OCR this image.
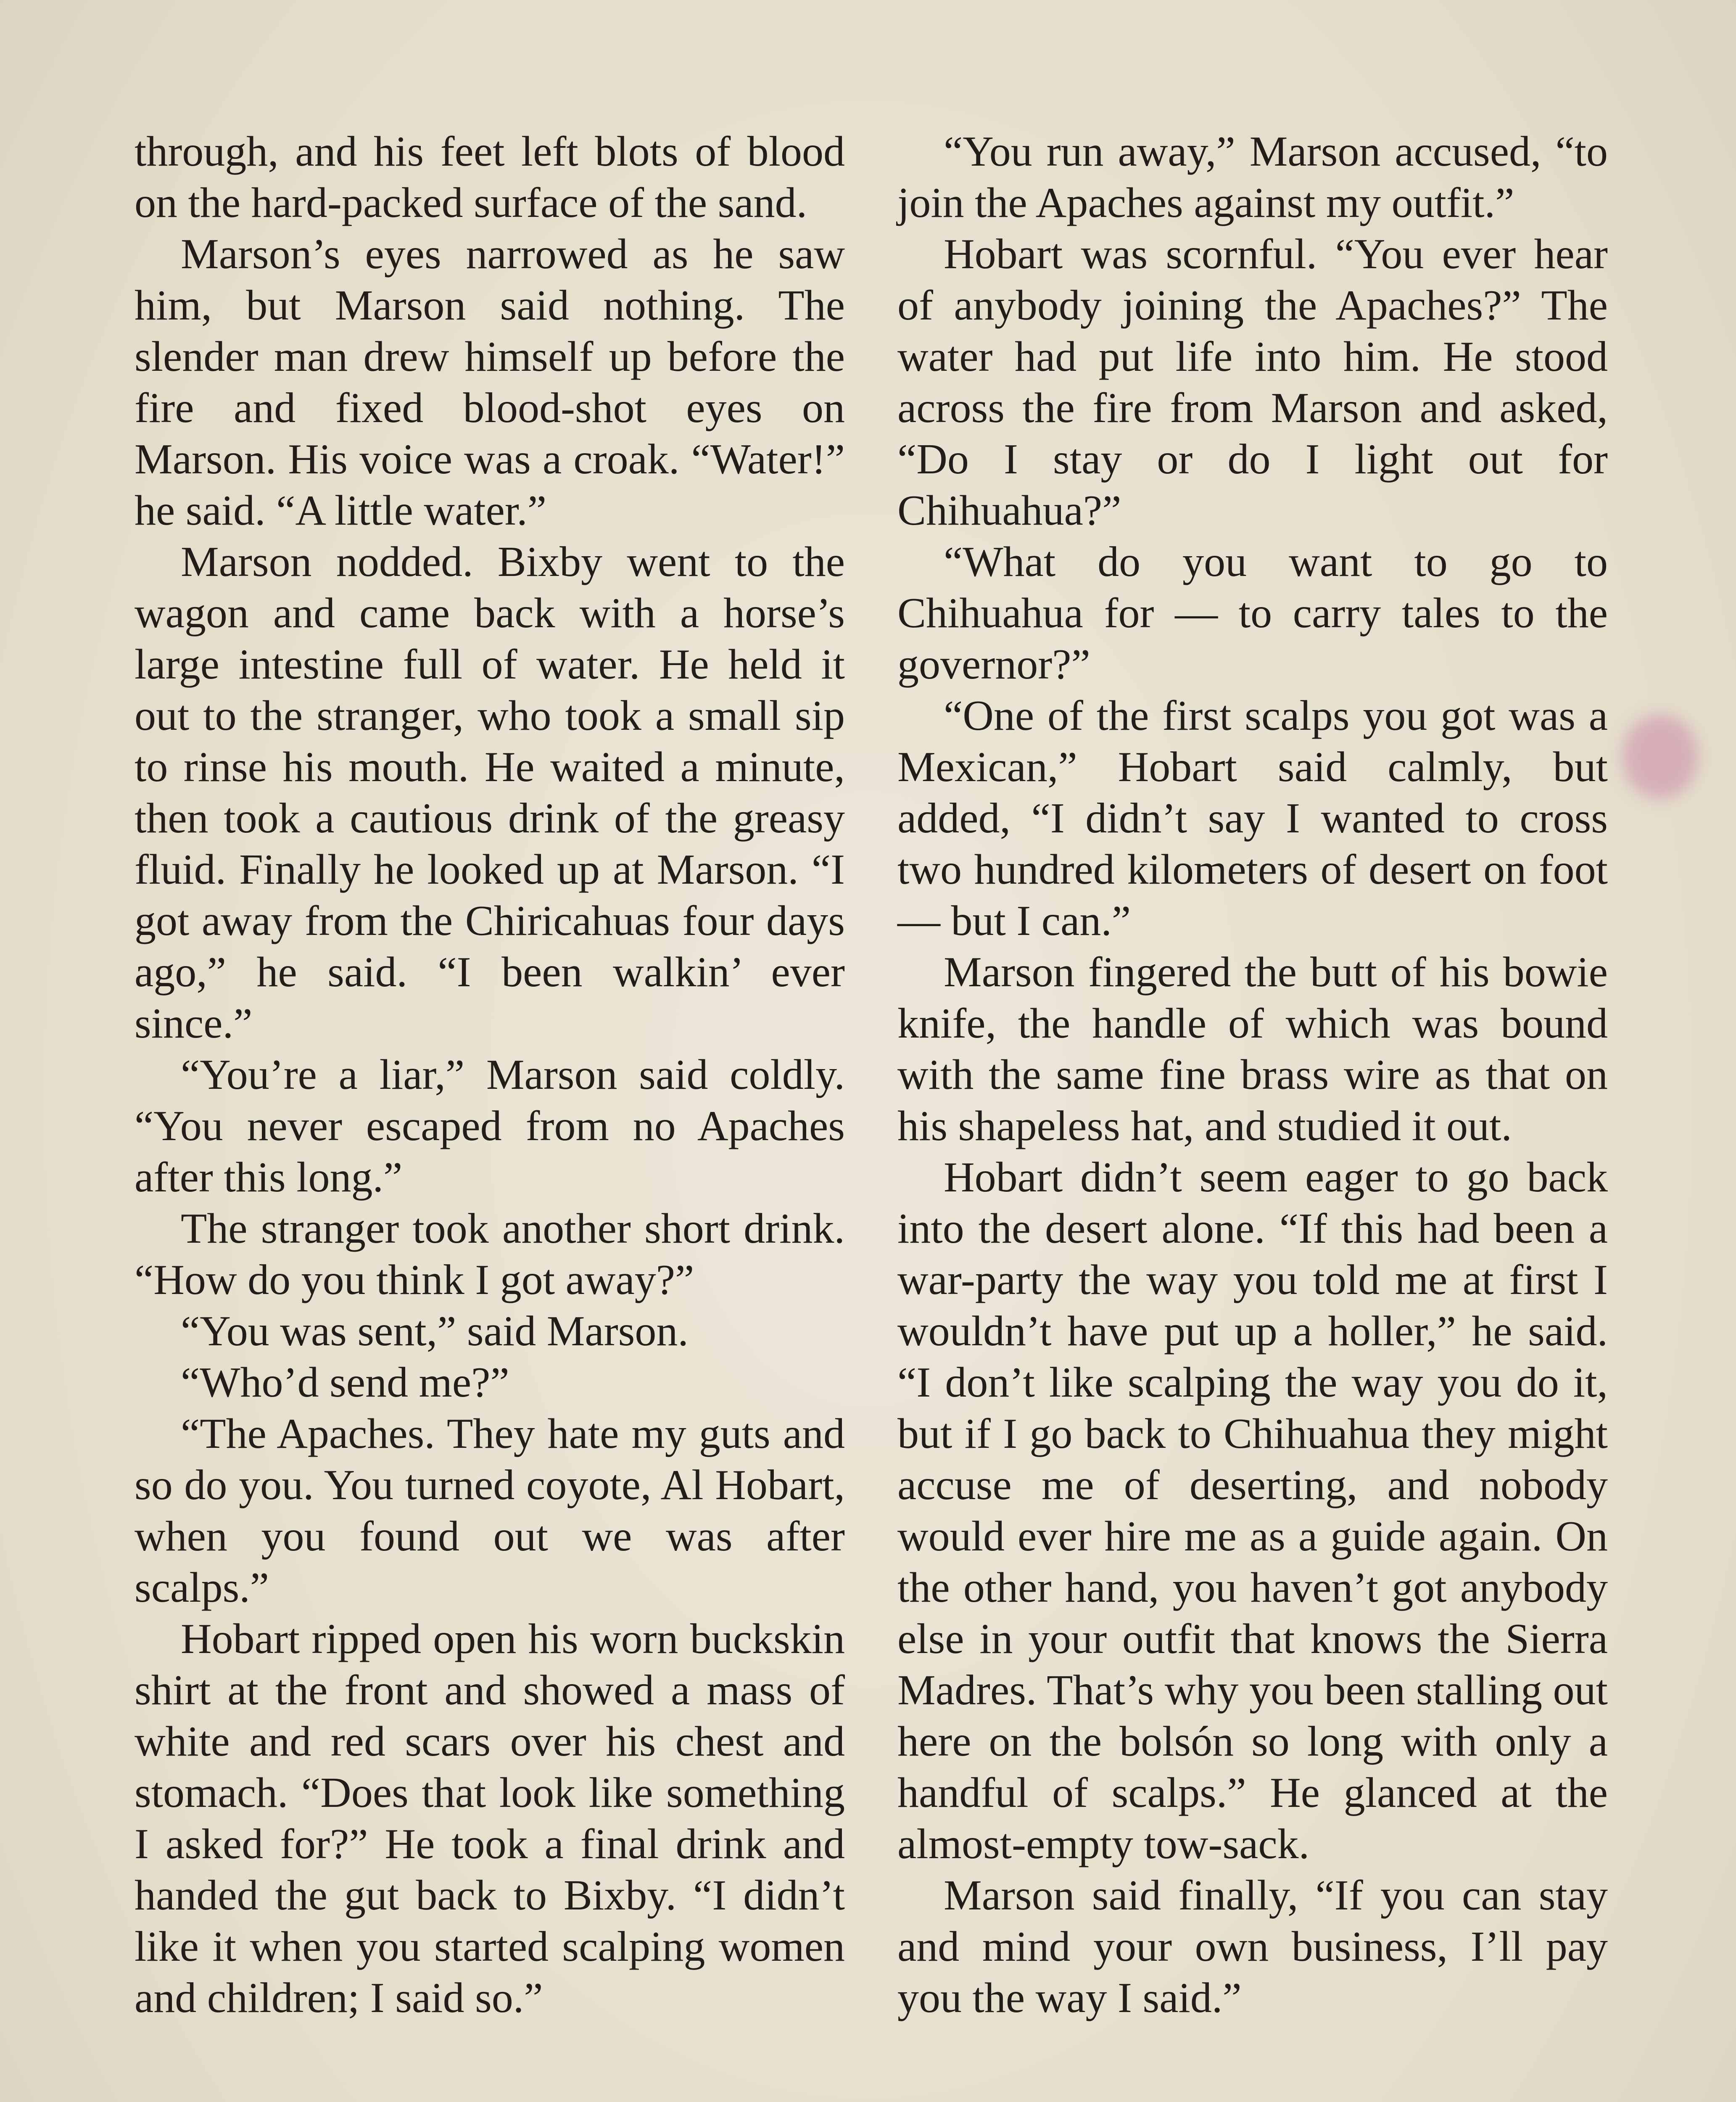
through, and his feet left blots of blood on the hard-packed surface of the sand.

Marson’s eyes narrowed as he saw him, but Marson said nothing. The slender man drew himself up before the fire and fixed blood-shot eyes on Marson. His voice was a croak. “Water!” he said. “A little water.”

Marson nodded. Bixby went to the wagon and came back with a horse’s large intestine full of water. He held it out to the stranger, who took a small sip to rinse his mouth. He waited a minute, then took a cautious drink of the greasy fluid. Finally he looked up at Marson. “I got away from the Chiricahuas four days ago,” he said. “I been walkin’ ever since.”

“You’re a liar,” Marson said coldly. “You never escaped from no Apaches after this long.”

The stranger took another short drink. “How do you think I got away?”

“You was sent,” said Marson.

“Who’d send me?”

“The Apaches. They hate my guts and so do you. You turned coyote, Al Hobart, when you found out we was after scalps.”

Hobart ripped open his worn buckskin shirt at the front and showed a mass of white and red scars over his chest and stomach. “Does that look like something I asked for?” He took a final drink and handed the gut back to Bixby. “I didn’t like it when you started scalping women and children; I said so.”

“You run away,” Marson accused, “to join the Apaches against my outfit.”

Hobart was scornful. “You ever hear of anybody joining the Apaches?” The water had put life into him. He stood across the fire from Marson and asked, “Do I stay or do I light out for Chihuahua?”

“What do you want to go to Chihuahua for — to carry tales to the governor?”

“One of the first scalps you got was a Mexican,” Hobart said calmly, but added, “I didn’t say I wanted to cross two hundred kilometers of desert on foot — but I can.”

Marson fingered the butt of his bowie knife, the handle of which was bound with the same fine brass wire as that on his shapeless hat, and studied it out.

Hobart didn’t seem eager to go back into the desert alone. “If this had been a war-party the way you told me at first I wouldn’t have put up a holler,” he said. “I don’t like scalping the way you do it, but if I go back to Chihuahua they might accuse me of deserting, and nobody would ever hire me as a guide again. On the other hand, you haven’t got anybody else in your outfit that knows the Sierra Madres. That’s why you been stalling out here on the bolsón so long with only a handful of scalps.” He glanced at the almost-empty tow-sack.

Marson said finally, “If you can stay and mind your own business, I’ll pay you the way I said.”
